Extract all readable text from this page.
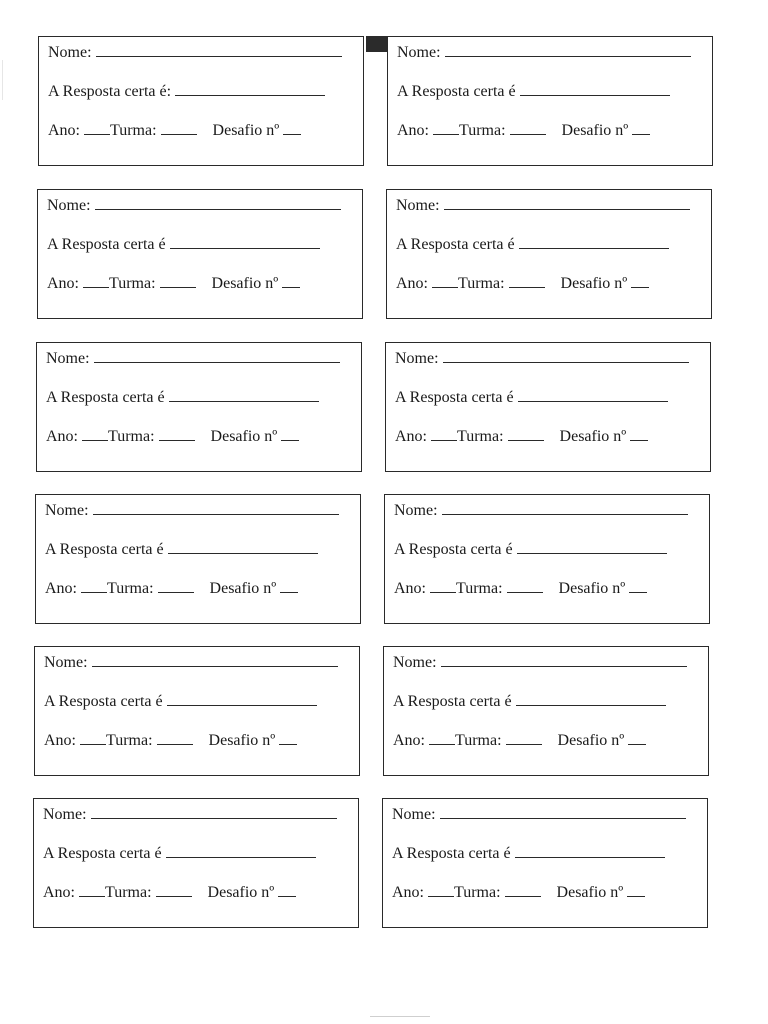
Nome:
A Resposta certa é:
Ano: Turma:	Desafio nº
Nome:
A Resposta certa é
Ano: Turma:	Desafio nº
Nome:
A Resposta certa é
Ano: Turma:	Desafio nº
Nome:
A Resposta certa é
Ano: Turma:	Desafio nº
Nome:
A Resposta certa é
Ano: Turma:	Desafio nº
Nome:
A Resposta certa é
Ano: Turma:	Desafio nº
Nome:
A Resposta certa é
Ano: Turma:	Desafio nº
Nome:
A Resposta certa é
Ano: Turma:	Desafio nº
Nome:
A Resposta certa é
Ano: Turma:	Desafio nº
Nome:
A Resposta certa é
Ano: Turma:	Desafio nº
Nome:
A Resposta certa é
Ano: Turma:	Desafio nº
Nome:
A Resposta certa é
Ano: Turma:	Desafio nº
